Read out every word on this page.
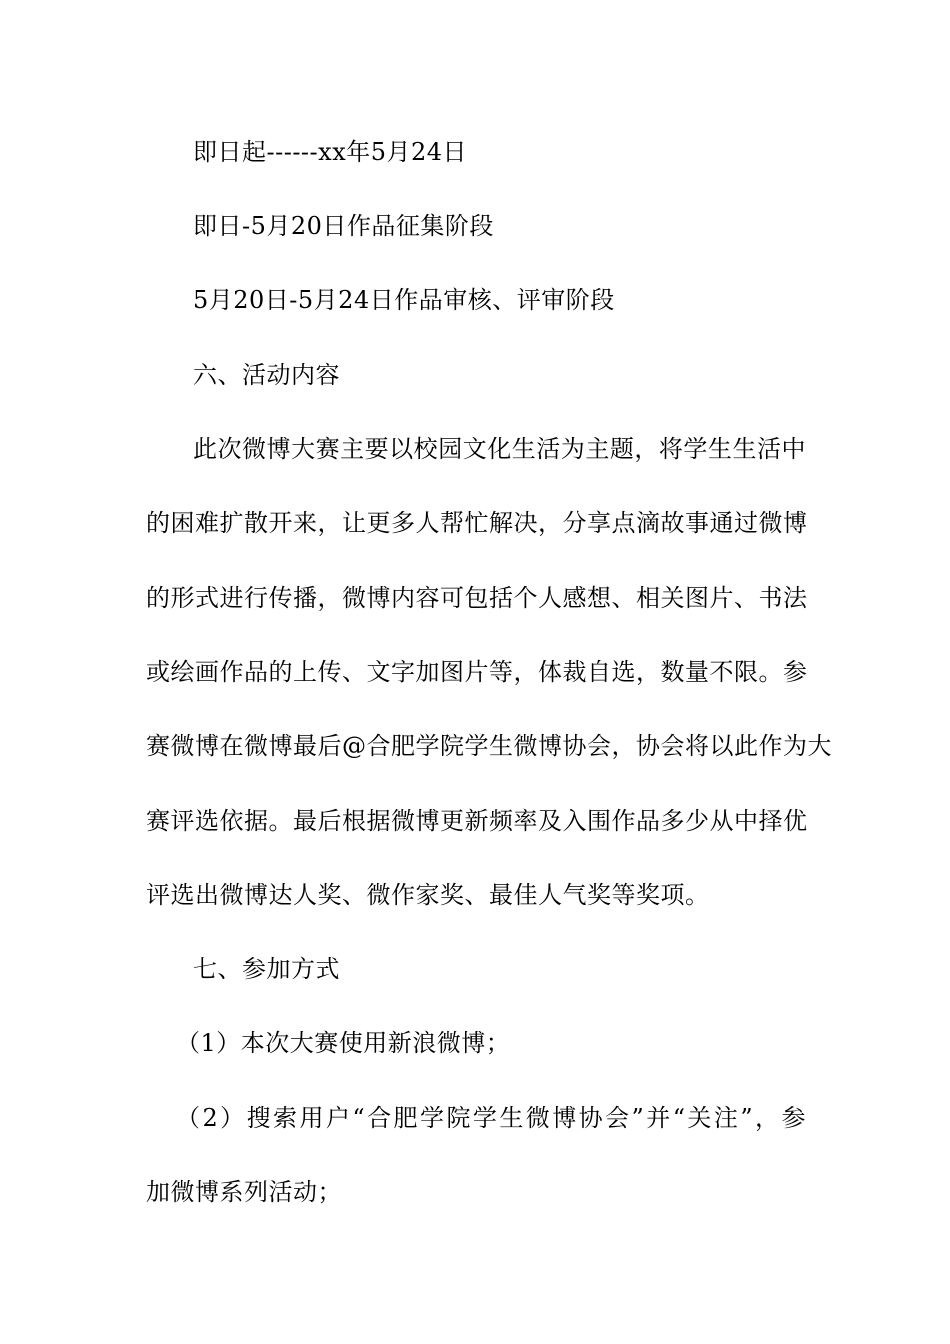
即日起------xx年5月24日
即日-5月20日作品征集阶段
5月20日-5月24日作品审核、评审阶段
六、活动内容
此次微博大赛主要以校园文化生活为主题，将学生生活中
的困难扩散开来，让更多人帮忙解决，分享点滴故事通过微博
的形式进行传播，微博内容可包括个人感想、相关图片、书法
或绘画作品的上传、文字加图片等，体裁自选，数量不限。参
赛微博在微博最后@合肥学院学生微博协会，协会将以此作为大
赛评选依据。最后根据微博更新频率及入围作品多少从中择优
评选出微博达人奖、微作家奖、最佳人气奖等奖项。
七、参加方式
（1）本次大赛使用新浪微博；
（2）搜索用户“合肥学院学生微博协会”并“关注”，参
加微博系列活动；
